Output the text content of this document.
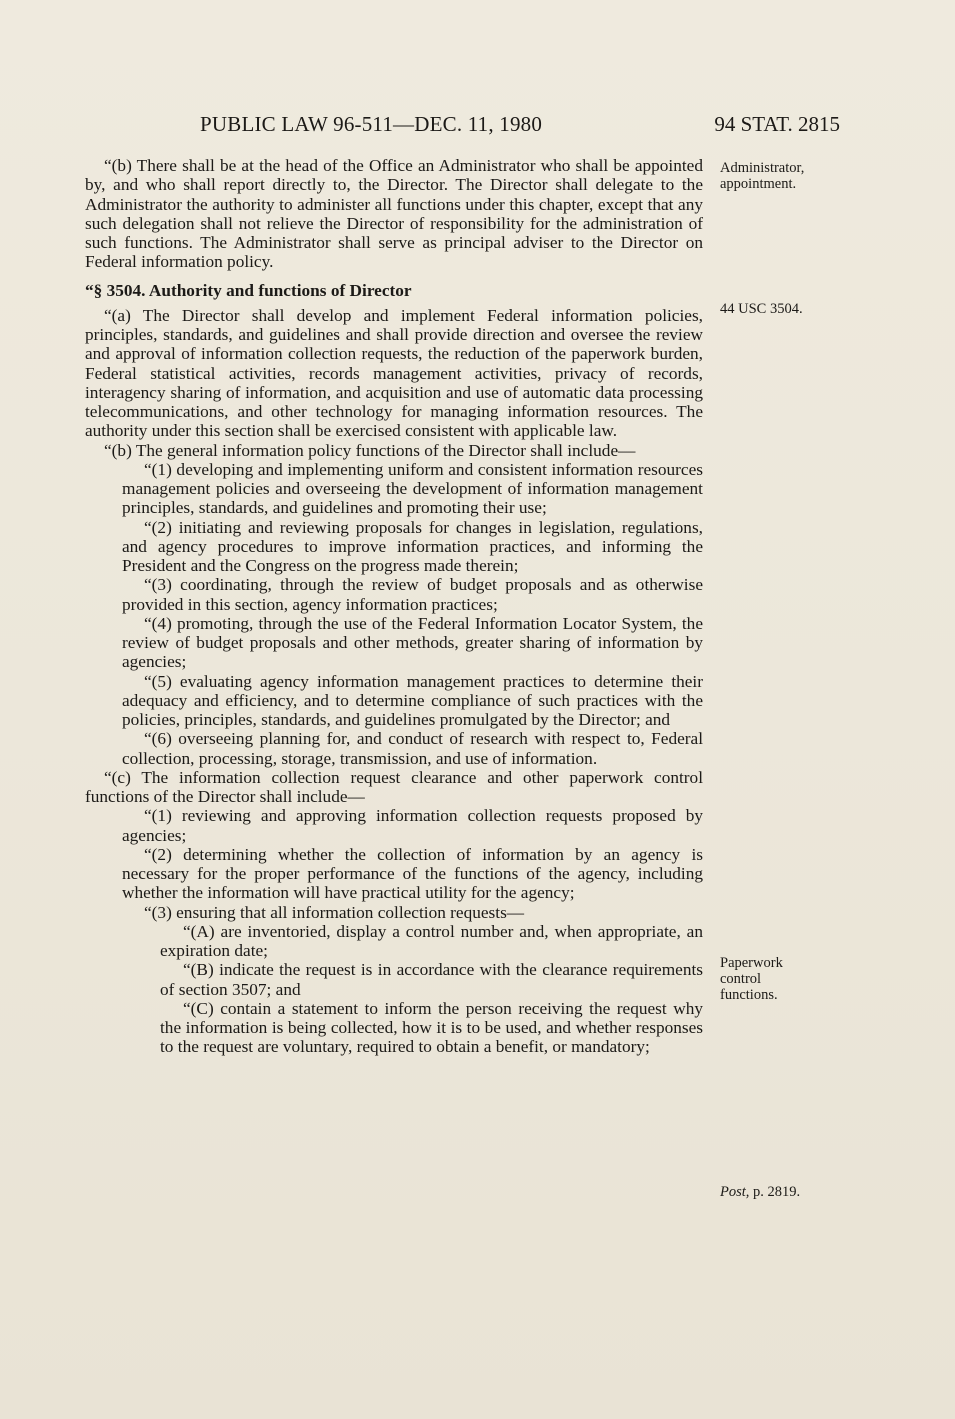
PUBLIC LAW 96-511—DEC. 11, 1980	94 STAT. 2815

“(b) There shall be at the head of the Office an Administrator who shall be appointed by, and who shall report directly to, the Director. The Director shall delegate to the Administrator the authority to administer all functions under this chapter, except that any such delegation shall not relieve the Director of responsibility for the administration of such functions. The Administrator shall serve as principal adviser to the Director on Federal information policy.

“§ 3504. Authority and functions of Director

“(a) The Director shall develop and implement Federal information policies, principles, standards, and guidelines and shall provide direction and oversee the review and approval of information collection requests, the reduction of the paperwork burden, Federal statistical activities, records management activities, privacy of records, interagency sharing of information, and acquisition and use of automatic data processing telecommunications, and other technology for managing information resources. The authority under this section shall be exercised consistent with applicable law.

“(b) The general information policy functions of the Director shall include—

“(1) developing and implementing uniform and consistent information resources management policies and overseeing the development of information management principles, standards, and guidelines and promoting their use;

“(2) initiating and reviewing proposals for changes in legislation, regulations, and agency procedures to improve information practices, and informing the President and the Congress on the progress made therein;

“(3) coordinating, through the review of budget proposals and as otherwise provided in this section, agency information practices;

“(4) promoting, through the use of the Federal Information Locator System, the review of budget proposals and other methods, greater sharing of information by agencies;

“(5) evaluating agency information management practices to determine their adequacy and efficiency, and to determine compliance of such practices with the policies, principles, standards, and guidelines promulgated by the Director; and

“(6) overseeing planning for, and conduct of research with respect to, Federal collection, processing, storage, transmission, and use of information.

“(c) The information collection request clearance and other paperwork control functions of the Director shall include—

“(1) reviewing and approving information collection requests proposed by agencies;

“(2) determining whether the collection of information by an agency is necessary for the proper performance of the functions of the agency, including whether the information will have practical utility for the agency;

“(3) ensuring that all information collection requests—

“(A) are inventoried, display a control number and, when appropriate, an expiration date;

“(B) indicate the request is in accordance with the clearance requirements of section 3507; and

“(C) contain a statement to inform the person receiving the request why the information is being collected, how it is to be used, and whether responses to the request are voluntary, required to obtain a benefit, or mandatory;

Administrator,
appointment.
44 USC 3504.
Paperwork
control
functions.
Post, p. 2819.
